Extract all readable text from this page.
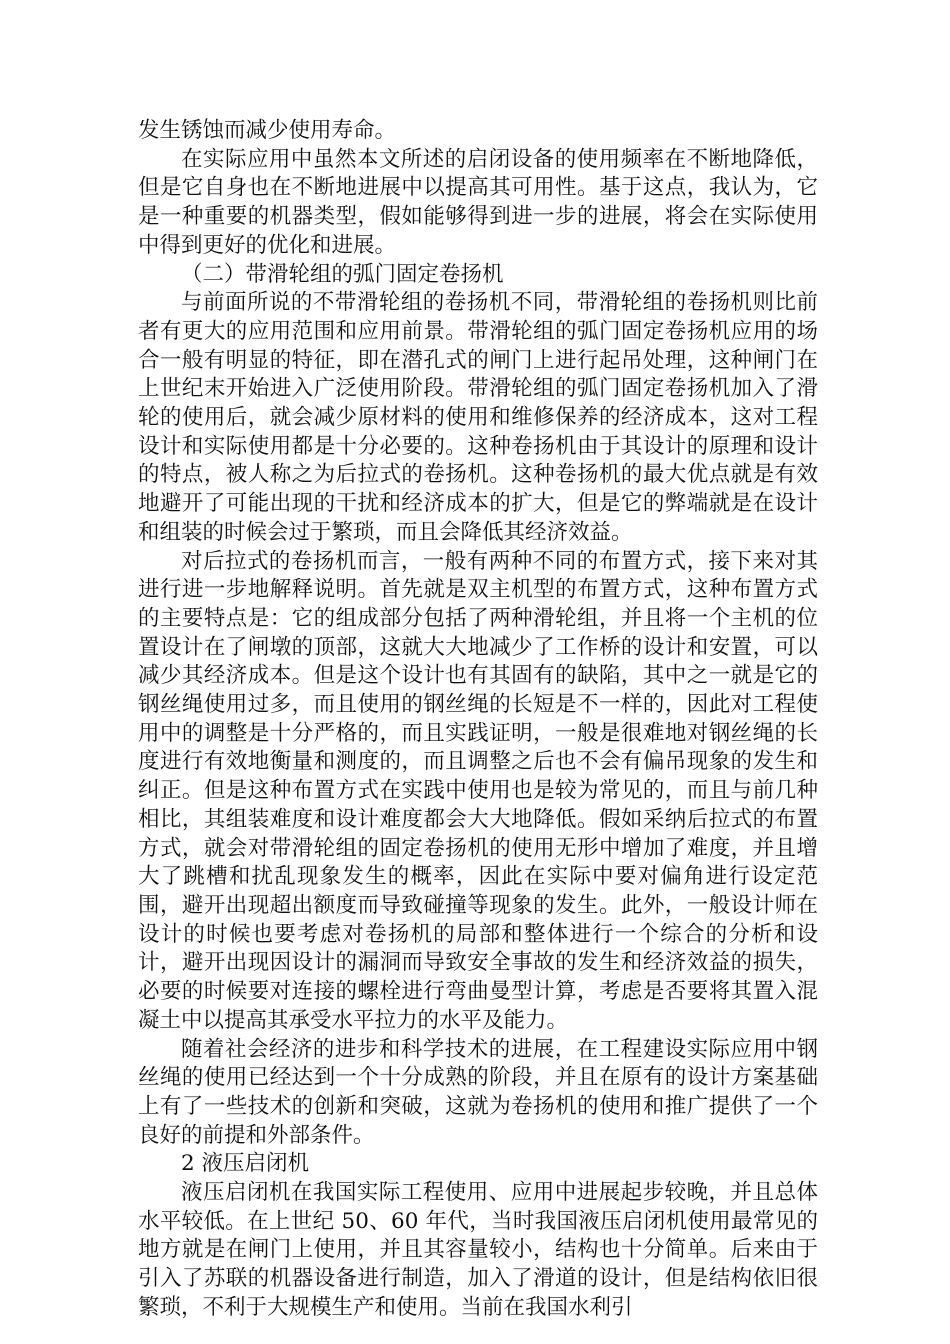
发生锈蚀而减少使用寿命。

在实际应用中虽然本文所述的启闭设备的使用频率在不断地降低，但是它自身也在不断地进展中以提高其可用性。基于这点，我认为，它是一种重要的机器类型，假如能够得到进一步的进展，将会在实际使用中得到更好的优化和进展。

（二）带滑轮组的弧门固定卷扬机

与前面所说的不带滑轮组的卷扬机不同，带滑轮组的卷扬机则比前者有更大的应用范围和应用前景。带滑轮组的弧门固定卷扬机应用的场合一般有明显的特征，即在潜孔式的闸门上进行起吊处理，这种闸门在上世纪末开始进入广泛使用阶段。带滑轮组的弧门固定卷扬机加入了滑轮的使用后，就会减少原材料的使用和维修保养的经济成本，这对工程设计和实际使用都是十分必要的。这种卷扬机由于其设计的原理和设计的特点，被人称之为后拉式的卷扬机。这种卷扬机的最大优点就是有效地避开了可能出现的干扰和经济成本的扩大，但是它的弊端就是在设计和组装的时候会过于繁琐，而且会降低其经济效益。

对后拉式的卷扬机而言，一般有两种不同的布置方式，接下来对其进行进一步地解释说明。首先就是双主机型的布置方式，这种布置方式的主要特点是：它的组成部分包括了两种滑轮组，并且将一个主机的位置设计在了闸墩的顶部，这就大大地减少了工作桥的设计和安置，可以减少其经济成本。但是这个设计也有其固有的缺陷，其中之一就是它的钢丝绳使用过多，而且使用的钢丝绳的长短是不一样的，因此对工程使用中的调整是十分严格的，而且实践证明，一般是很难地对钢丝绳的长度进行有效地衡量和测度的，而且调整之后也不会有偏吊现象的发生和纠正。但是这种布置方式在实践中使用也是较为常见的，而且与前几种相比，其组装难度和设计难度都会大大地降低。假如采纳后拉式的布置方式，就会对带滑轮组的固定卷扬机的使用无形中增加了难度，并且增大了跳槽和扰乱现象发生的概率，因此在实际中要对偏角进行设定范围，避开出现超出额度而导致碰撞等现象的发生。此外，一般设计师在设计的时候也要考虑对卷扬机的局部和整体进行一个综合的分析和设计，避开出现因设计的漏洞而导致安全事故的发生和经济效益的损失，必要的时候要对连接的螺栓进行弯曲曼型计算，考虑是否要将其置入混凝土中以提高其承受水平拉力的水平及能力。

随着社会经济的进步和科学技术的进展，在工程建设实际应用中钢丝绳的使用已经达到一个十分成熟的阶段，并且在原有的设计方案基础上有了一些技术的创新和突破，这就为卷扬机的使用和推广提供了一个良好的前提和外部条件。

2 液压启闭机

液压启闭机在我国实际工程使用、应用中进展起步较晚，并且总体水平较低。在上世纪 50、60 年代，当时我国液压启闭机使用最常见的地方就是在闸门上使用，并且其容量较小，结构也十分简单。后来由于引入了苏联的机器设备进行制造，加入了滑道的设计，但是结构依旧很繁琐，不利于大规模生产和使用。当前在我国水利引
